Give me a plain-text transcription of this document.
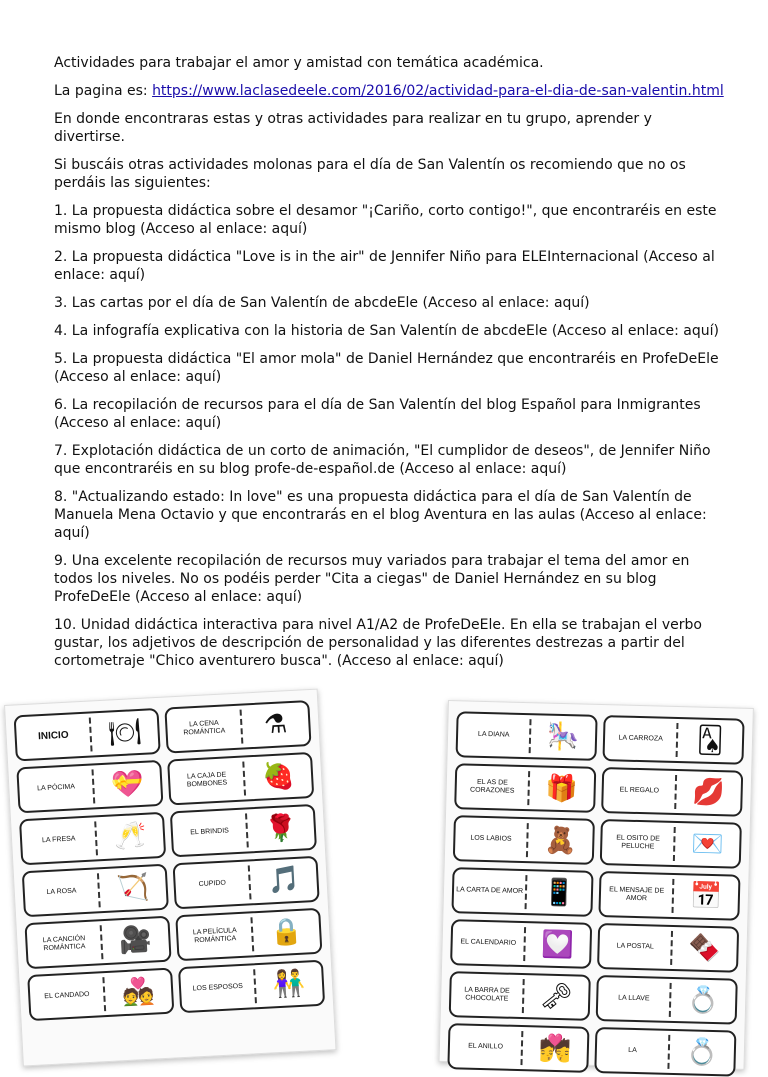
Actividades para trabajar el amor y amistad con temática académica.

La pagina es: https://www.laclasedeele.com/2016/02/actividad-para-el-dia-de-san-valentin.html

En donde encontraras estas y otras actividades para realizar en tu grupo, aprender y divertirse.

Si buscáis otras actividades molonas para el día de San Valentín os recomiendo que no os perdáis las siguientes:

1. La propuesta didáctica sobre el desamor "¡Cariño, corto contigo!", que encontraréis en este mismo blog (Acceso al enlace: aquí)

2. La propuesta didáctica "Love is in the air" de Jennifer Niño para ELEInternacional (Acceso al enlace: aquí)

3. Las cartas por el día de San Valentín de abcdeEle (Acceso al enlace: aquí)

4. La infografía explicativa con la historia de San Valentín de abcdeEle (Acceso al enlace: aquí)

5. La propuesta didáctica "El amor mola" de Daniel Hernández que encontraréis en ProfeDeEle (Acceso al enlace: aquí)

6. La recopilación de recursos para el día de San Valentín del blog Español para Inmigrantes (Acceso al enlace: aquí)

7. Explotación didáctica de un corto de animación, "El cumplidor de deseos", de Jennifer Niño que encontraréis en su blog profe-de-español.de (Acceso al enlace: aquí)

8. "Actualizando estado: In love" es una propuesta didáctica para el día de San Valentín de Manuela Mena Octavio y que encontrarás en el blog Aventura en las aulas (Acceso al enlace: aquí)

9. Una excelente recopilación de recursos muy variados para trabajar el tema del amor en todos los niveles. No os podéis perder "Cita a ciegas" de Daniel Hernández en su blog ProfeDeEle (Acceso al enlace: aquí)

10. Unidad didáctica interactiva para nivel A1/A2 de ProfeDeEle. En ella se trabajan el verbo gustar, los adjetivos de descripción de personalidad y las diferentes destrezas a partir del cortometraje "Chico aventurero busca". (Acceso al enlace: aquí)

INICIO	🍽	LA CENA ROMÁNTICA	⚗
LA PÓCIMA	💝	LA CAJA DE BOMBONES	🍓
LA FRESA	🥂	EL BRINDIS	🌹
LA ROSA	🏹	CUPIDO	🎵
LA CANCIÓN ROMÁNTICA	🎥	LA PELÍCULA ROMÁNTICA	🔒
EL CANDADO	💑	LOS ESPOSOS	👫
LA DIANA	🎠	LA CARROZA	🂡
EL AS DE CORAZONES	🎁	EL REGALO	💋
LOS LABIOS	🧸	EL OSITO DE PELUCHE	💌
LA CARTA DE AMOR 📱	EL MENSAJE DE AMOR	📅
EL CALENDARIO 💟	LA POSTAL	🍫
LA BARRA DE CHOCOLATE	🗝	LA LLAVE	💍
EL ANILLO	💏	LA	💍
